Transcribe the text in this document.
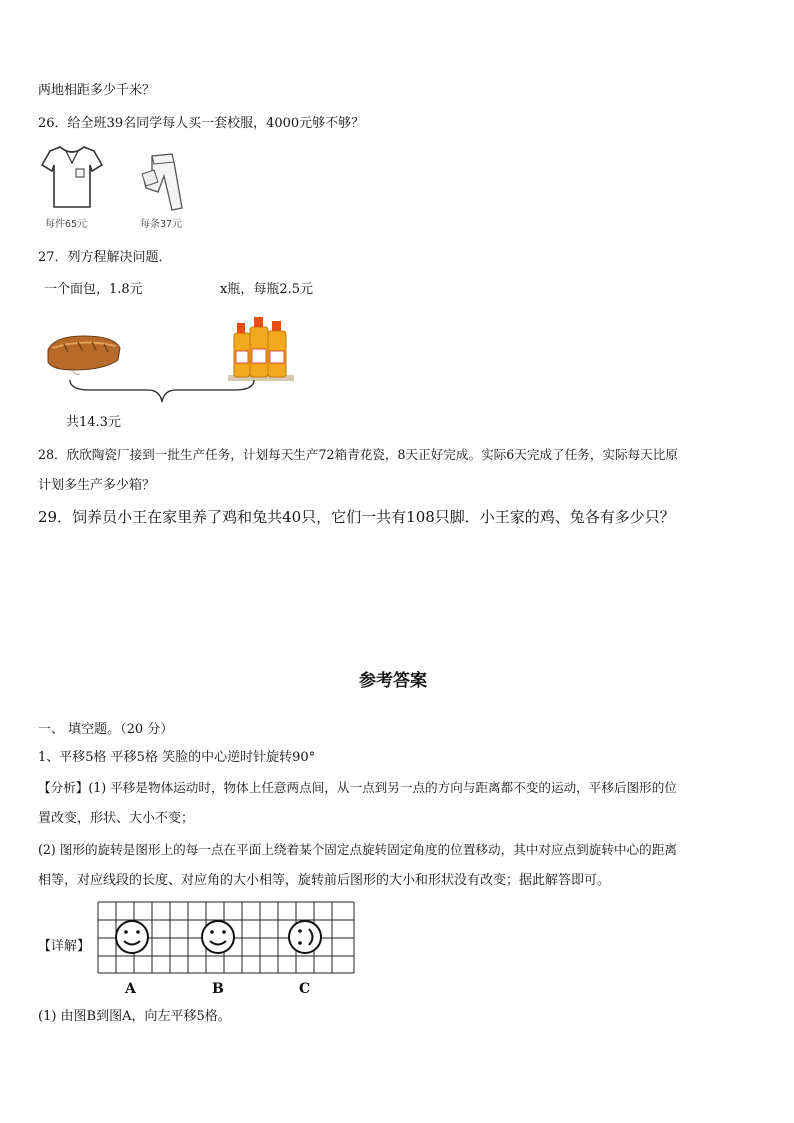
两地相距多少千米？
26．给全班39名同学每人买一套校服，4000元够不够？
每件65元	每条37元
27．列方程解决问题．
一个面包，1.8元	x瓶，每瓶2.5元
共14.3元
28．欣欣陶瓷厂接到一批生产任务，计划每天生产72箱青花瓷，8天正好完成。实际6天完成了任务，实际每天比原
计划多生产多少箱？
29．饲养员小王在家里养了鸡和兔共40只，它们一共有108只脚．小王家的鸡、兔各有多少只？
参考答案
一、 填空题。（20 分）
1、平移5格 平移5格 笑脸的中心逆时针旋转90°
【分析】(1) 平移是物体运动时，物体上任意两点间，从一点到另一点的方向与距离都不变的运动，平移后图形的位
置改变，形状、大小不变；
(2) 图形的旋转是图形上的每一点在平面上绕着某个固定点旋转固定角度的位置移动，其中对应点到旋转中心的距离
相等，对应线段的长度、对应角的大小相等，旋转前后图形的大小和形状没有改变；据此解答即可。
【详解】
A	B	C
(1) 由图B到图A，向左平移5格。
